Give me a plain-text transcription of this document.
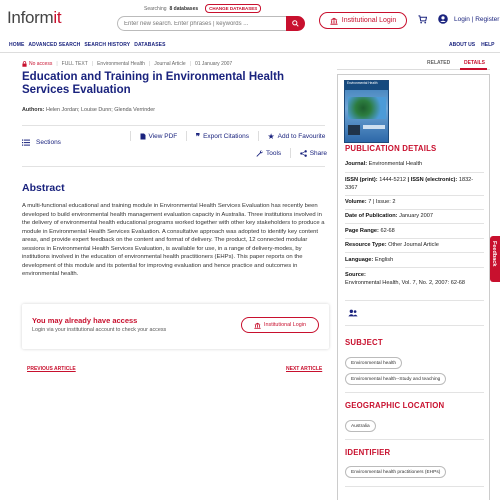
Informit	Searching 8 databases	CHANGE DATABASES
Enter new search. Enter phrases | keywords ...
Institutional Login	Login | Register
HOME ADVANCED SEARCH SEARCH HISTORY DATABASES	ABOUT US HELP
No access | FULL TEXT | Environmental Health | Journal Article | 01 January 2007
Education and Training in Environmental Health Services Evaluation
Authors: Helen Jordan; Louise Dunn; Glenda Verrinder
Sections
View PDF ❞ Export Citations ★ Add to Favourite
Tools	Share
Abstract

A multi-functional educational and training module in Environmental Health Services Evaluation has recently been developed to build environmental health management evaluation capacity in Australia. Three institutions involved in the delivery of environmental health educational programs worked together with other key stakeholders to produce a module in Environmental Health Services Evaluation. A consultative approach was adopted to identify key content areas, and provide expert feedback on the content and format of delivery. The product, 12 connected modular sessions in Environmental Health Services Evaluation, is available for use, in a range of delivery-modes, by institutions involved in the education of environmental health practitioners (EHPs). This paper reports on the development of this module and its potential for improving evaluation and hence practice and outcomes in environmental health.

You may already have access
Login via your institutional account to check your access
Institutional Login
PREVIOUS ARTICLE	NEXT ARTICLE
RELATED	DETAILS
Environmental Health
PUBLICATION DETAILS
Journal: Environmental Health
ISSN (print): 1444-5212 | ISSN (electronic): 1832-3367
Volume: 7 | Issue: 2
Date of Publication: January 2007
Page Range: 62-68
Resource Type: Other Journal Article
Language: English
Source:
Environmental Health, Vol. 7, No. 2, 2007: 62-68
SUBJECT
Environmental health
Environmental health--Study and teaching
GEOGRAPHIC LOCATION
Australia
IDENTIFIER
Environmental health practitioners (EHPs)
Feedback
